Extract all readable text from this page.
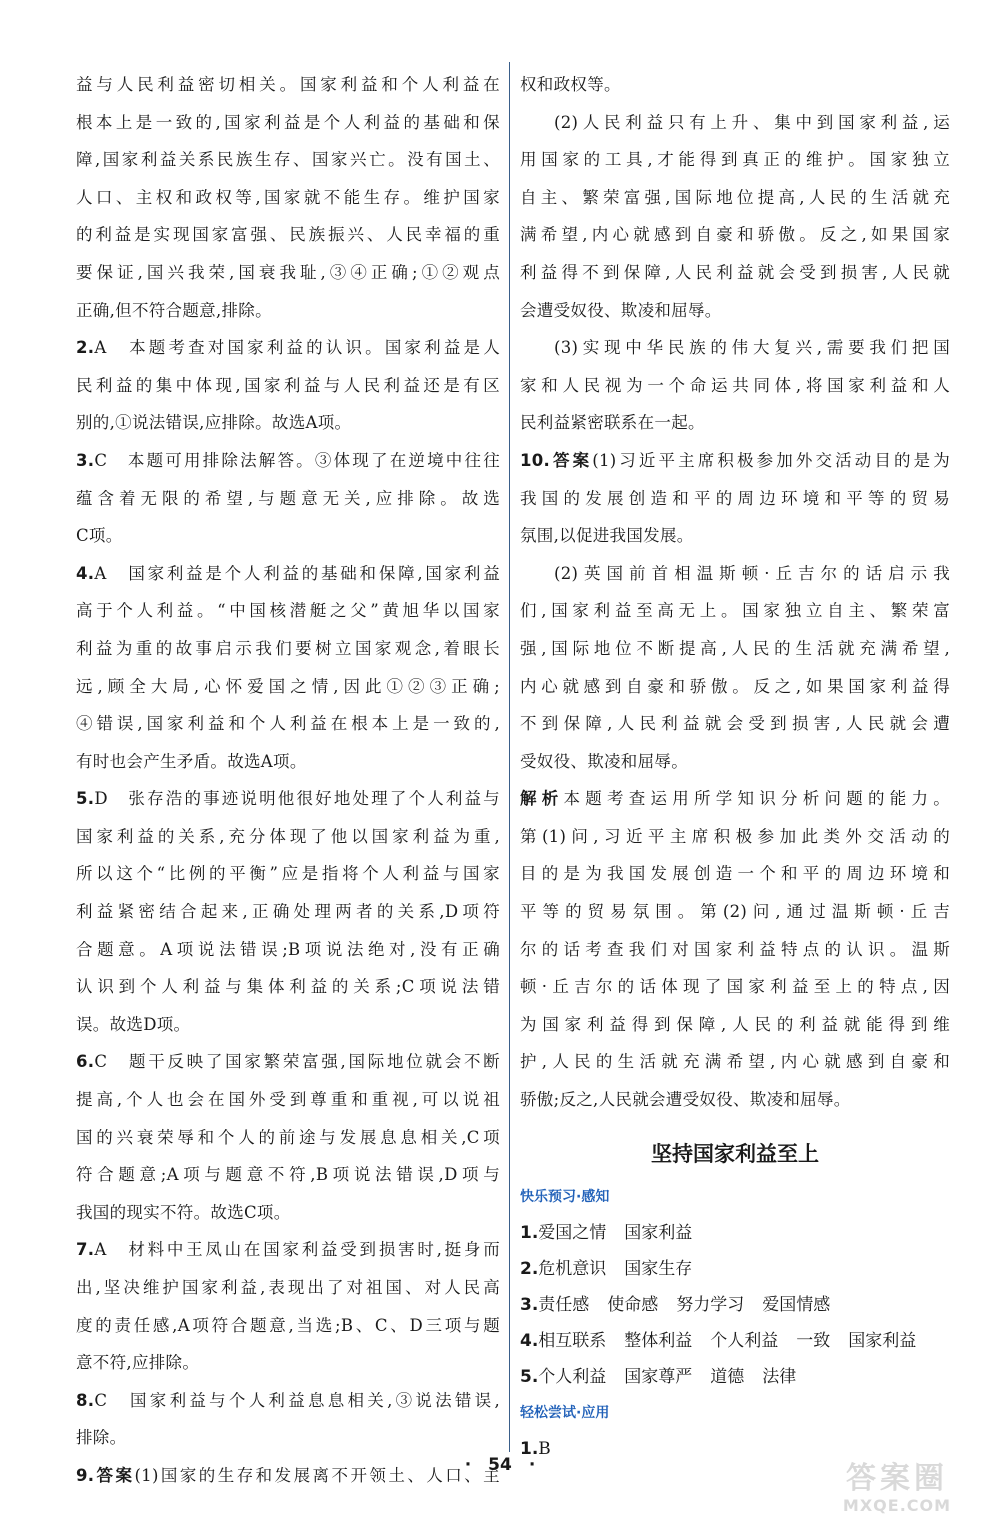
益与人民利益密切相关。国家利益和个人利益在
根本上是一致的,国家利益是个人利益的基础和保
障,国家利益关系民族生存、国家兴亡。没有国土、
人口、主权和政权等,国家就不能生存。维护国家
的利益是实现国家富强、民族振兴、人民幸福的重
要保证,国兴我荣,国衰我耻,③④正确;①②观点
正确,但不符合题意,排除。
2.A　本题考查对国家利益的认识。国家利益是人
民利益的集中体现,国家利益与人民利益还是有区
别的,①说法错误,应排除。故选A项。
3.C　本题可用排除法解答。③体现了在逆境中往往
蕴含着无限的希望,与题意无关,应排除。故选
C项。
4.A　国家利益是个人利益的基础和保障,国家利益
高于个人利益。“中国核潜艇之父”黄旭华以国家
利益为重的故事启示我们要树立国家观念,着眼长
远,顾全大局,心怀爱国之情,因此①②③正确;
④错误,国家利益和个人利益在根本上是一致的,
有时也会产生矛盾。故选A项。
5.D　张存浩的事迹说明他很好地处理了个人利益与
国家利益的关系,充分体现了他以国家利益为重,
所以这个“比例的平衡”应是指将个人利益与国家
利益紧密结合起来,正确处理两者的关系,D项符
合题意。A项说法错误;B项说法绝对,没有正确
认识到个人利益与集体利益的关系;C项说法错
误。故选D项。
6.C　题干反映了国家繁荣富强,国际地位就会不断
提高,个人也会在国外受到尊重和重视,可以说祖
国的兴衰荣辱和个人的前途与发展息息相关,C项
符合题意;A项与题意不符,B项说法错误,D项与
我国的现实不符。故选C项。
7.A　材料中王凤山在国家利益受到损害时,挺身而
出,坚决维护国家利益,表现出了对祖国、对人民高
度的责任感,A项符合题意,当选;B、C、D三项与题
意不符,应排除。
8.C　国家利益与个人利益息息相关,③说法错误,
排除。
9.答案(1)国家的生存和发展离不开领土、人口、主
权和政权等。
(2)人民利益只有上升、集中到国家利益,运
用国家的工具,才能得到真正的维护。国家独立
自主、繁荣富强,国际地位提高,人民的生活就充
满希望,内心就感到自豪和骄傲。反之,如果国家
利益得不到保障,人民利益就会受到损害,人民就
会遭受奴役、欺凌和屈辱。
(3)实现中华民族的伟大复兴,需要我们把国
家和人民视为一个命运共同体,将国家利益和人
民利益紧密联系在一起。
10.答案(1)习近平主席积极参加外交活动目的是为
我国的发展创造和平的周边环境和平等的贸易
氛围,以促进我国发展。
(2)英国前首相温斯顿·丘吉尔的话启示我
们,国家利益至高无上。国家独立自主、繁荣富
强,国际地位不断提高,人民的生活就充满希望,
内心就感到自豪和骄傲。反之,如果国家利益得
不到保障,人民利益就会受到损害,人民就会遭
受奴役、欺凌和屈辱。
解析本题考查运用所学知识分析问题的能力。
第(1)问,习近平主席积极参加此类外交活动的
目的是为我国发展创造一个和平的周边环境和
平等的贸易氛围。第(2)问,通过温斯顿·丘吉
尔的话考查我们对国家利益特点的认识。温斯
顿·丘吉尔的话体现了国家利益至上的特点,因
为国家利益得到保障,人民的利益就能得到维
护,人民的生活就充满希望,内心就感到自豪和
骄傲;反之,人民就会遭受奴役、欺凌和屈辱。
坚持国家利益至上
快乐预习·感知
1.爱国之情 国家利益
2.危机意识 国家生存
3.责任感 使命感 努力学习 爱国情感
4.相互联系 整体利益 个人利益 一致 国家利益
5.个人利益 国家尊严 道德 法律
轻松尝试·应用
1.B
·　54　·	答案圈
MXQE.COM
